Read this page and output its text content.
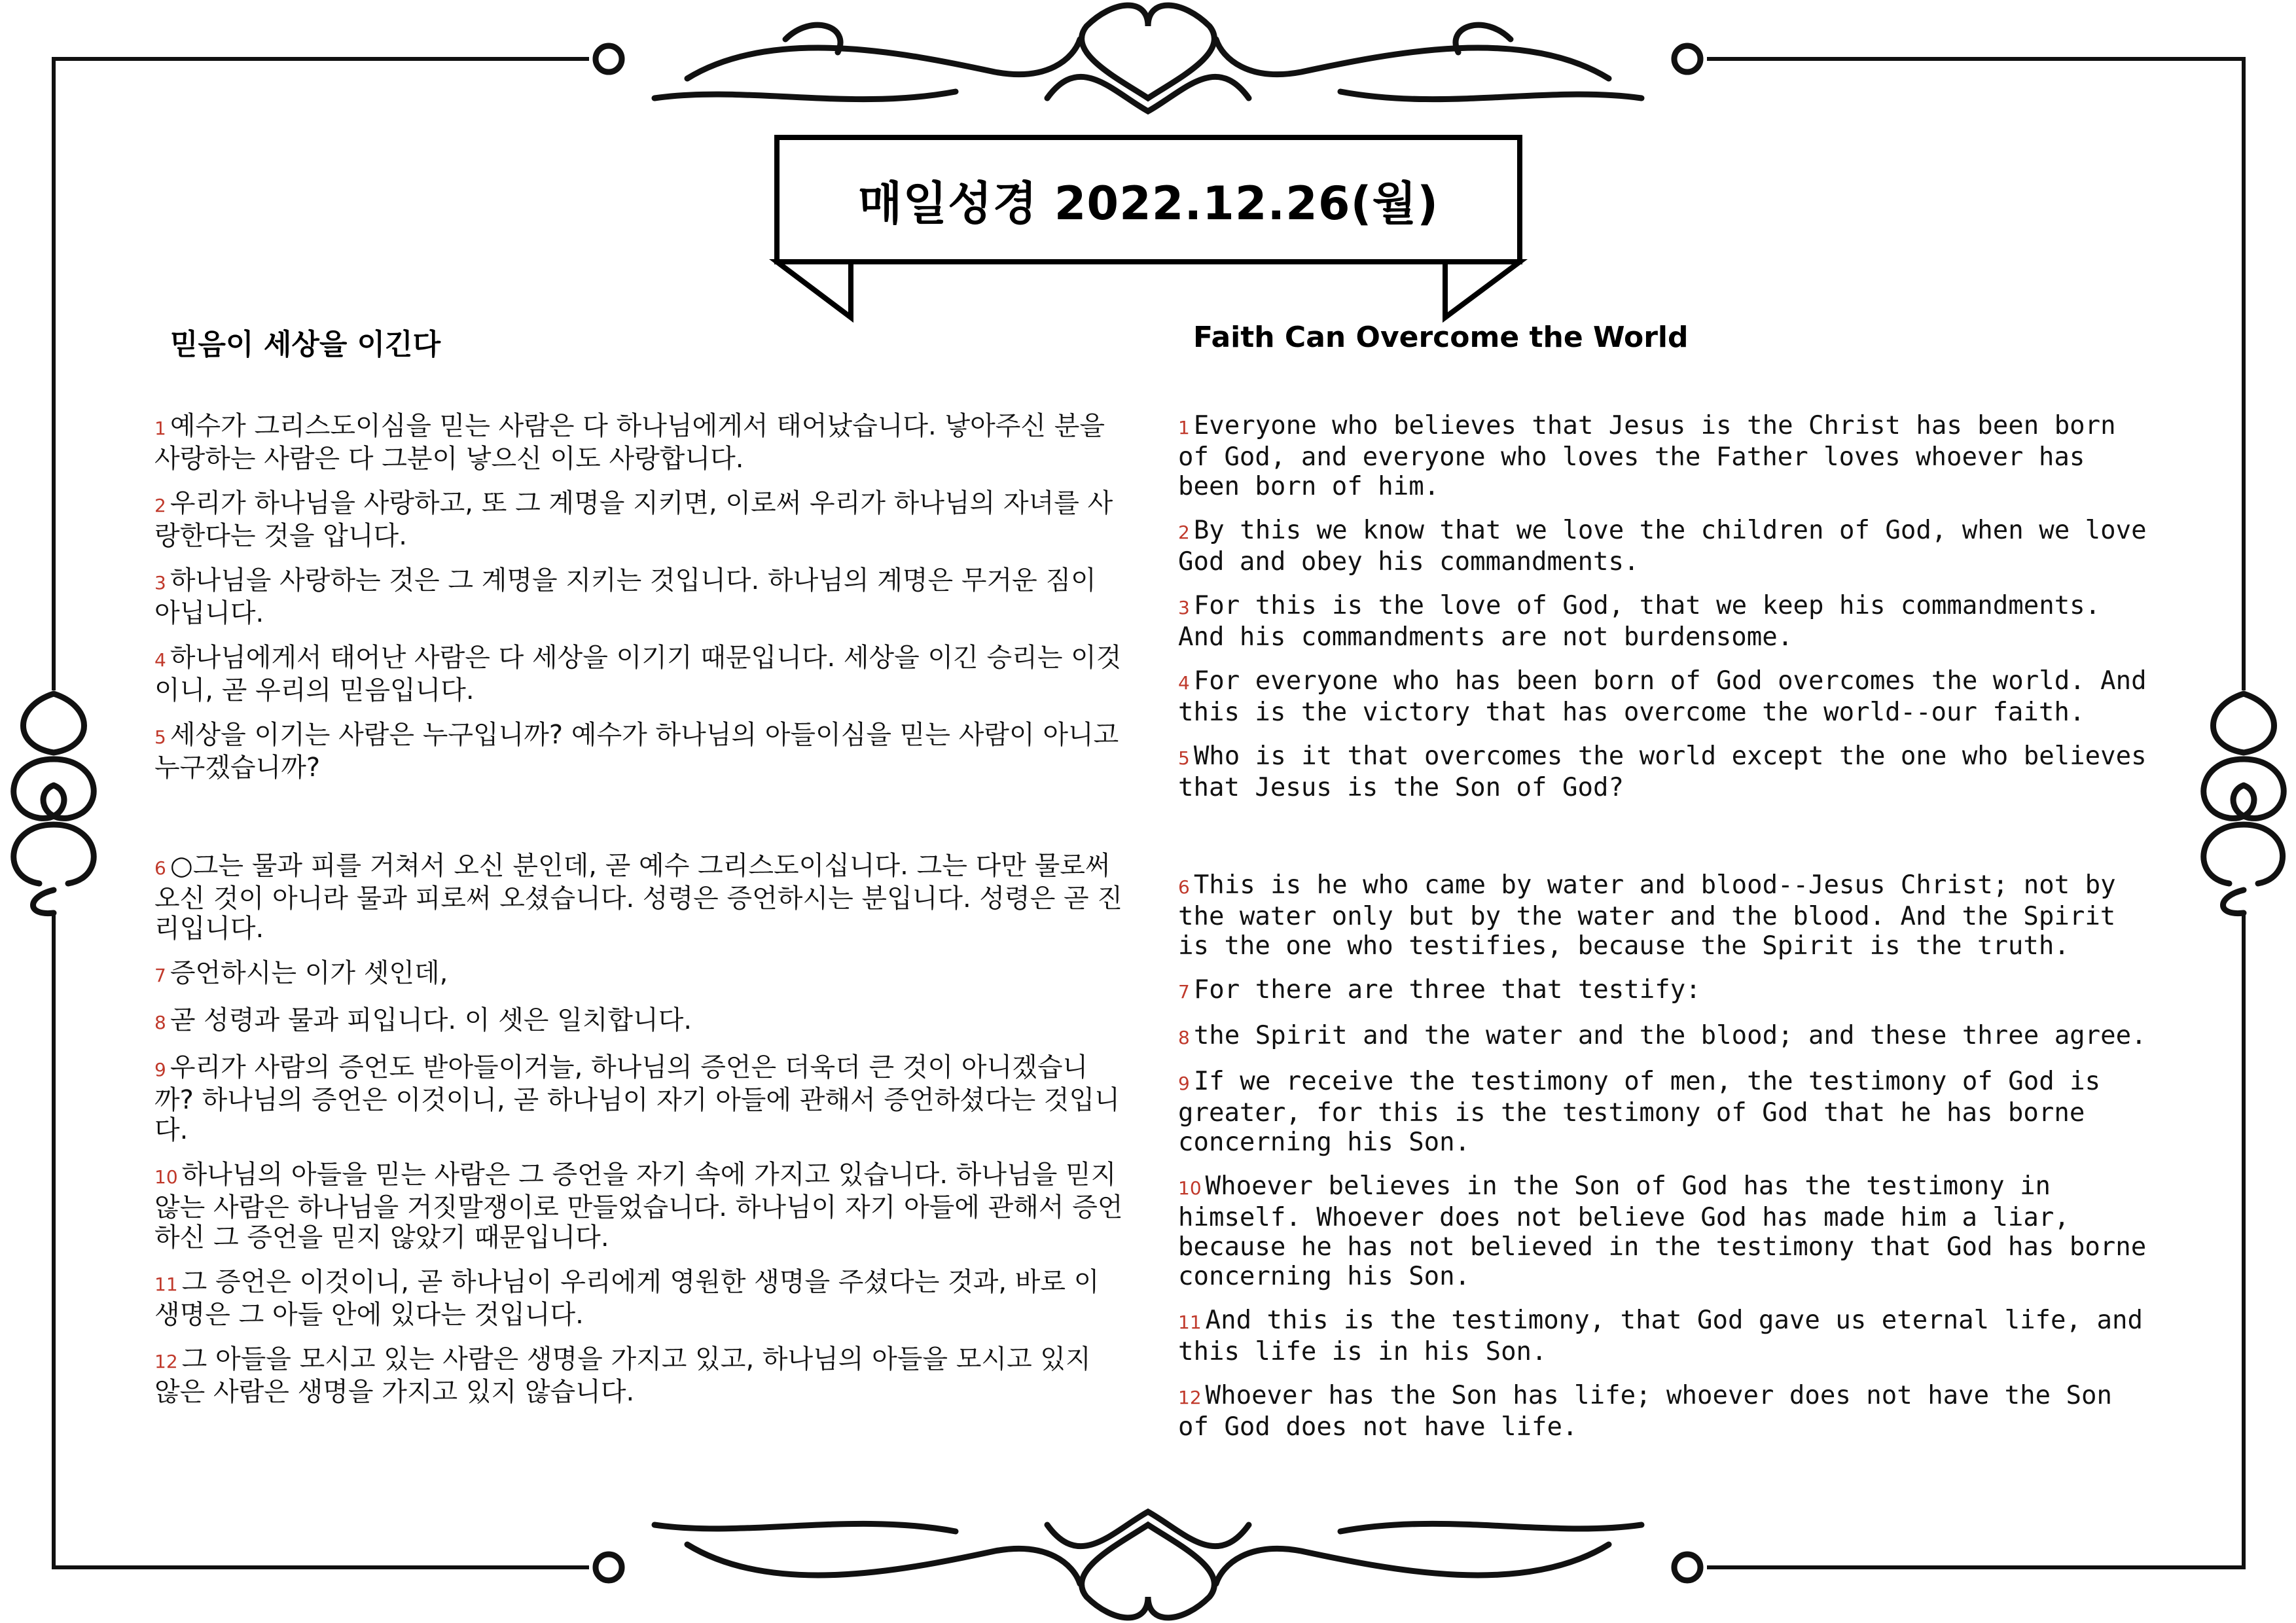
매일성경 2022.12.26(월)
믿음이 세상을 이긴다	Faith Can Overcome the World

1 예수가 그리스도이심을 믿는 사람은 다 하나님에게서 태어났습니다. 낳아주신 분을 사랑하는 사람은 다 그분이 낳으신 이도 사랑합니다.

2 우리가 하나님을 사랑하고, 또 그 계명을 지키면, 이로써 우리가 하나님의 자녀를 사랑한다는 것을 압니다.

3 하나님을 사랑하는 것은 그 계명을 지키는 것입니다. 하나님의 계명은 무거운 짐이 아닙니다.

4 하나님에게서 태어난 사람은 다 세상을 이기기 때문입니다. 세상을 이긴 승리는 이것이니, 곧 우리의 믿음입니다.

5 세상을 이기는 사람은 누구입니까? 예수가 하나님의 아들이심을 믿는 사람이 아니고 누구겠습니까?

6 ○그는 물과 피를 거쳐서 오신 분인데, 곧 예수 그리스도이십니다. 그는 다만 물로써 오신 것이 아니라 물과 피로써 오셨습니다. 성령은 증언하시는 분입니다. 성령은 곧 진리입니다.

7 증언하시는 이가 셋인데,

8 곧 성령과 물과 피입니다. 이 셋은 일치합니다.

9 우리가 사람의 증언도 받아들이거늘, 하나님의 증언은 더욱더 큰 것이 아니겠습니까? 하나님의 증언은 이것이니, 곧 하나님이 자기 아들에 관해서 증언하셨다는 것입니다.

10 하나님의 아들을 믿는 사람은 그 증언을 자기 속에 가지고 있습니다. 하나님을 믿지 않는 사람은 하나님을 거짓말쟁이로 만들었습니다. 하나님이 자기 아들에 관해서 증언하신 그 증언을 믿지 않았기 때문입니다.

11 그 증언은 이것이니, 곧 하나님이 우리에게 영원한 생명을 주셨다는 것과, 바로 이 생명은 그 아들 안에 있다는 것입니다.

12 그 아들을 모시고 있는 사람은 생명을 가지고 있고, 하나님의 아들을 모시고 있지 않은 사람은 생명을 가지고 있지 않습니다.

1 Everyone who believes that Jesus is the Christ has been born of God, and everyone who loves the Father loves whoever has been born of him.

2 By this we know that we love the children of God, when we love God and obey his commandments.

3 For this is the love of God, that we keep his commandments. And his commandments are not burdensome.

4 For everyone who has been born of God overcomes the world. And this is the victory that has overcome the world--our faith.

5 Who is it that overcomes the world except the one who believes that Jesus is the Son of God?

6 This is he who came by water and blood--Jesus Christ; not by the water only but by the water and the blood. And the Spirit is the one who testifies, because the Spirit is the truth.

7 For there are three that testify:

8 the Spirit and the water and the blood; and these three agree.

9 If we receive the testimony of men, the testimony of God is greater, for this is the testimony of God that he has borne concerning his Son.

10 Whoever believes in the Son of God has the testimony in himself. Whoever does not believe God has made him a liar, because he has not believed in the testimony that God has borne concerning his Son.

11 And this is the testimony, that God gave us eternal life, and this life is in his Son.

12 Whoever has the Son has life; whoever does not have the Son of God does not have life.
